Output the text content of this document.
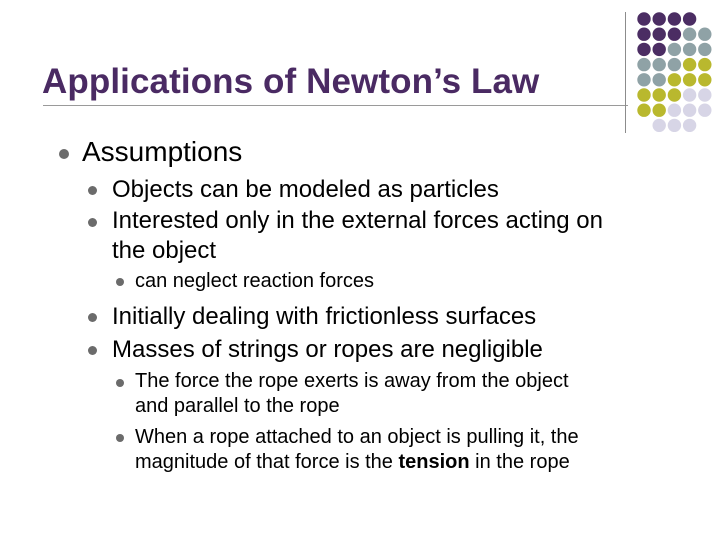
Applications of Newton’s Law
Assumptions
Objects can be modeled as particles
Interested only in the external forces acting on
the object
can neglect reaction forces
Initially dealing with frictionless surfaces
Masses of strings or ropes are negligible
The force the rope exerts is away from the object
and parallel to the rope
When a rope attached to an object is pulling it, the
magnitude of that force is the tension in the rope
